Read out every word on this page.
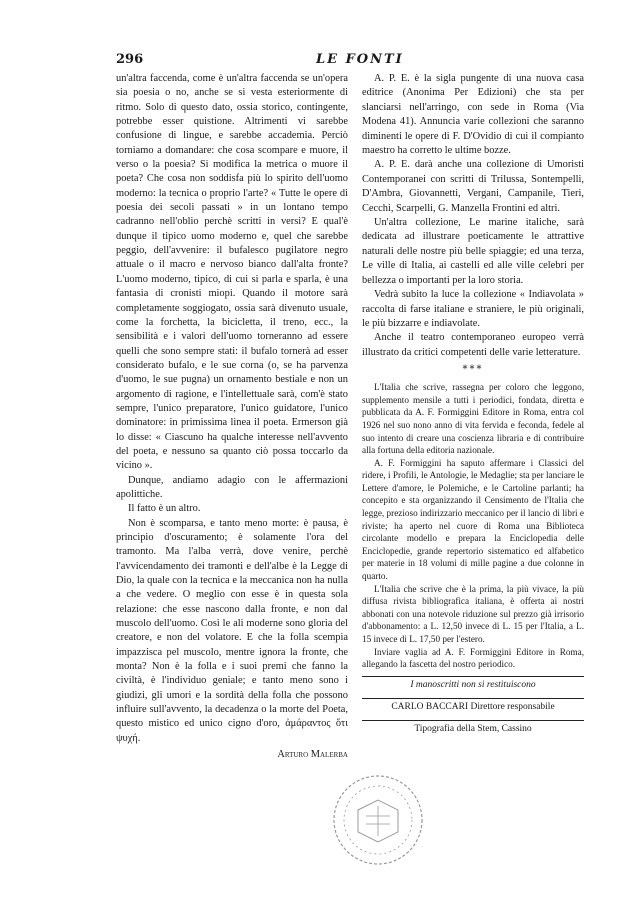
296	LE FONTI

un'altra faccenda, come è un'altra faccenda se un'opera sia poesia o no, anche se si vesta esteriormente di ritmo. Solo di questo dato, ossia storico, contingente, potrebbe esser quistione. Altrimenti vi sarebbe confusione di lingue, e sarebbe accademia. Perciò torniamo a domandare: che cosa scompare e muore, il verso o la poesia? Si modifica la metrica o muore il poeta? Che cosa non soddisfa più lo spirito dell'uomo moderno: la tecnica o proprio l'arte? « Tutte le opere di poesia dei secoli passati » in un lontano tempo cadranno nell'oblio perchè scritti in versi? E qual'è dunque il tipico uomo moderno e, quel che sarebbe peggio, dell'avvenire: il bufalesco pugilatore negro attuale o il macro e nervoso bianco dall'alta fronte? L'uomo moderno, tipico, di cui si parla e sparla, è una fantasia di cronisti miopi. Quando il motore sarà completamente soggiogato, ossia sarà divenuto usuale, come la forchetta, la bicicletta, il treno, ecc., la sensibilità e i valori dell'uomo torneranno ad essere quelli che sono sempre stati: il bufalo tornerà ad esser considerato bufalo, e le sue corna (o, se ha parvenza d'uomo, le sue pugna) un ornamento bestiale e non un argomento di ragione, e l'intellettuale sarà, com'è stato sempre, l'unico preparatore, l'unico guidatore, l'unico dominatore: in primissima linea il poeta. Ermerson già lo disse: « Ciascuno ha qualche interesse nell'avvento del poeta, e nessuno sa quanto ciò possa toccarlo da vicino ».

Dunque, andiamo adagio con le affermazioni apolittiche.

Il fatto è un altro.

Non è scomparsa, e tanto meno morte: è pausa, è principio d'oscuramento; è solamente l'ora del tramonto. Ma l'alba verrà, dove venire, perchè l'avvicendamento dei tramonti e dell'albe è la Legge di Dio, la quale con la tecnica e la meccanica non ha nulla a che vedere. O meglio con esse è in questa sola relazione: che esse nascono dalla fronte, e non dal muscolo dell'uomo. Così le ali moderne sono gloria del creatore, e non del volatore. E che la folla scempia impazzisca pel muscolo, mentre ignora la fronte, che monta? Non è la folla e i suoi premi che fanno la civiltà, è l'individuo geniale; e tanto meno sono i giudizi, gli umori e la sordità della folla che possono influire sull'avvento, la decadenza o la morte del Poeta, questo mistico ed unico cigno d'oro, ἀμάραντος ὅτι ψυχή.

Arturo Malerba

A. P. E. è la sigla pungente di una nuova casa editrice (Anonima Per Edizioni) che sta per slanciarsi nell'arringo, con sede in Roma (Via Modena 41). Annuncia varie collezioni che saranno diminenti le opere di F. D'Ovidio di cui il compianto maestro ha corretto le ultime bozze.

A. P. E. darà anche una collezione di Umoristi Contemporanei con scritti di Trilussa, Sontempelli, D'Ambra, Giovannetti, Vergani, Campanile, Tieri, Cecchi, Scarpelli, G. Manzella Frontini ed altri.

Un'altra collezione, Le marine italiche, sarà dedicata ad illustrare poeticamente le attrattive naturali delle nostre più belle spiaggie; ed una terza, Le ville di Italia, ai castelli ed alle ville celebri per bellezza o importanti per la loro storia.

Vedrà subito la luce la collezione « Indiavolata » raccolta di farse italiane e straniere, le più originali, le più bizzarre e indiavolate.

Anche il teatro contemporaneo europeo verrà illustrato da critici competenti delle varie letterature.

***

L'Italia che scrive, rassegna per coloro che leggono, supplemento mensile a tutti i periodici, fondata, diretta e pubblicata da A. F. Formiggini Editore in Roma, entra col 1926 nel suo nono anno di vita fervida e feconda, fedele al suo intento di creare una coscienza libraria e di contribuire alla fortuna della editoria nazionale.

A. F. Formiggini ha saputo affermare i Classici del ridere, i Profili, le Antologie, le Medaglie; sta per lanciare le Lettere d'amore, le Polemiche, e le Cartoline parlanti; ha concepito e sta organizzando il Censimento de l'Italia che legge, prezioso indirizzario meccanico per il lancio di libri e riviste; ha aperto nel cuore di Roma una Biblioteca circolante modello e prepara la Enciclopedia delle Enciclopedie, grande repertorio sistematico ed alfabetico per materie in 18 volumi di mille pagine a due colonne in quarto.

L'Italia che scrive che è la prima, la più vivace, la più diffusa rivista bibliografica italiana, è offerta ai nostri abbonati con una notevole riduzione sul prezzo già irrisorio d'abbonamento: a L. 12,50 invece di L. 15 per l'Italia, a L. 15 invece di L. 17,50 per l'estero.

Inviare vaglia ad A. F. Formiggini Editore in Roma, allegando la fascetta del nostro periodico.

I manoscritti non si restituiscono
CARLO BACCARI Direttore responsabile
Tipografia della Stem, Cassino
